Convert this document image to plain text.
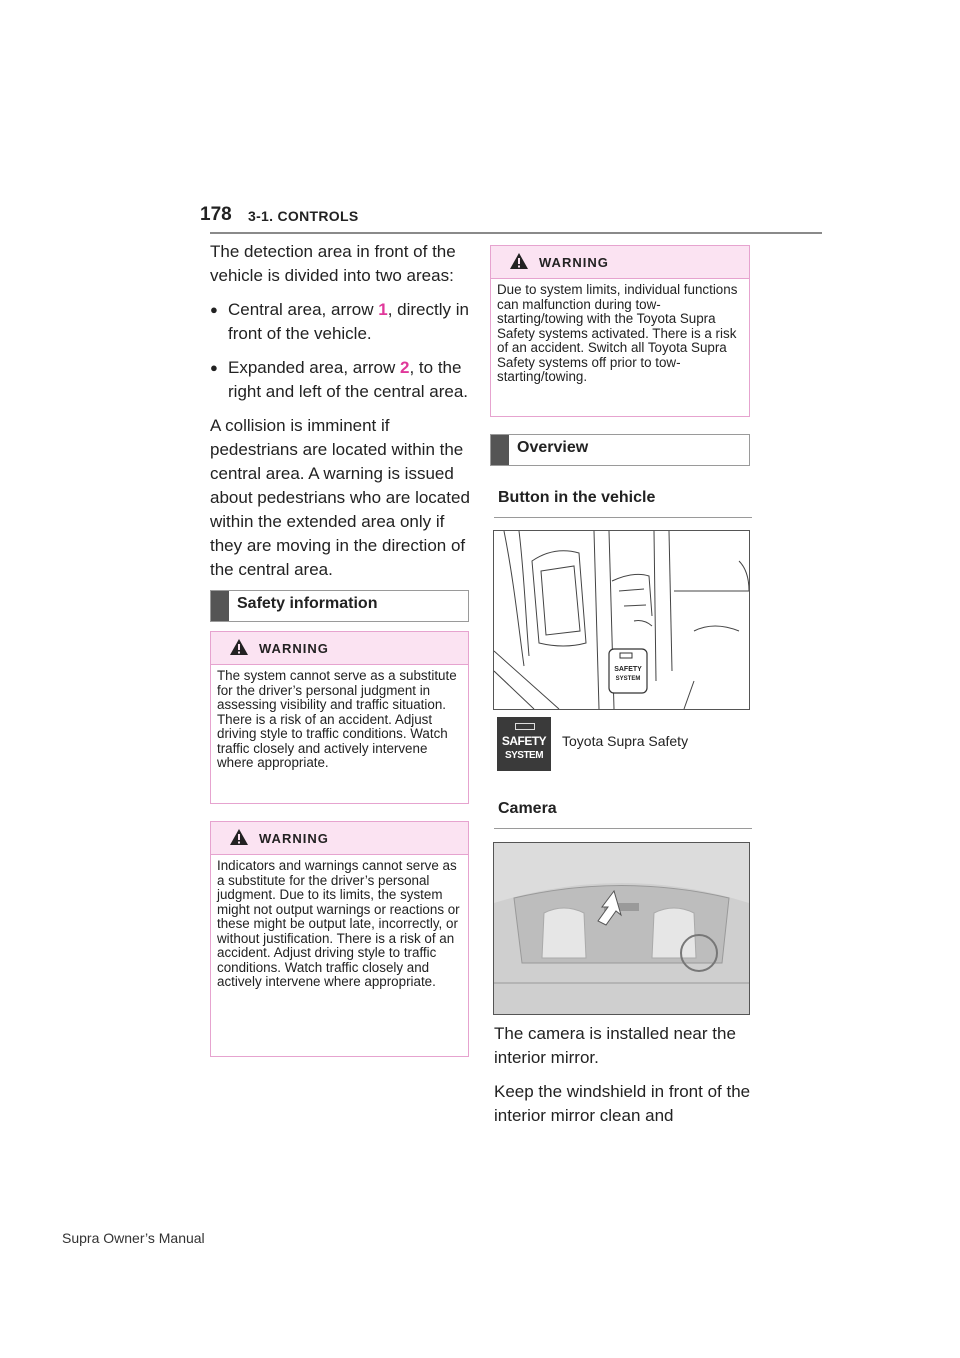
178 3-1. CONTROLS

The detection area in front of the vehicle is divided into two areas:

● Central area, arrow 1, directly in front of the vehicle.
● Expanded area, arrow 2, to the right and left of the central area.

A collision is imminent if pedestrians are located within the central area. A warning is issued about pedestrians who are located within the extended area only if they are moving in the direction of the central area.

Safety information
WARNING
The system cannot serve as a substitute for the driver’s personal judgment in assessing visibility and traffic situation. There is a risk of an accident. Adjust driving style to traffic conditions. Watch traffic closely and actively intervene where appropriate.
WARNING
Indicators and warnings cannot serve as a substitute for the driver’s personal judgment. Due to its limits, the system might not output warnings or reactions or these might be output late, incorrectly, or without justification. There is a risk of an accident. Adjust driving style to traffic conditions. Watch traffic closely and actively intervene where appropriate.
WARNING
Due to system limits, individual functions can malfunction during tow-starting/towing with the Toyota Supra Safety systems activated. There is a risk of an accident. Switch all Toyota Supra Safety systems off prior to tow-starting/towing.
Overview
Button in the vehicle
SAFETY
SYSTEM
SAFETY
SYSTEM
Toyota Supra Safety
Camera

The camera is installed near the interior mirror.

Keep the windshield in front of the interior mirror clean and

Supra Owner’s Manual
